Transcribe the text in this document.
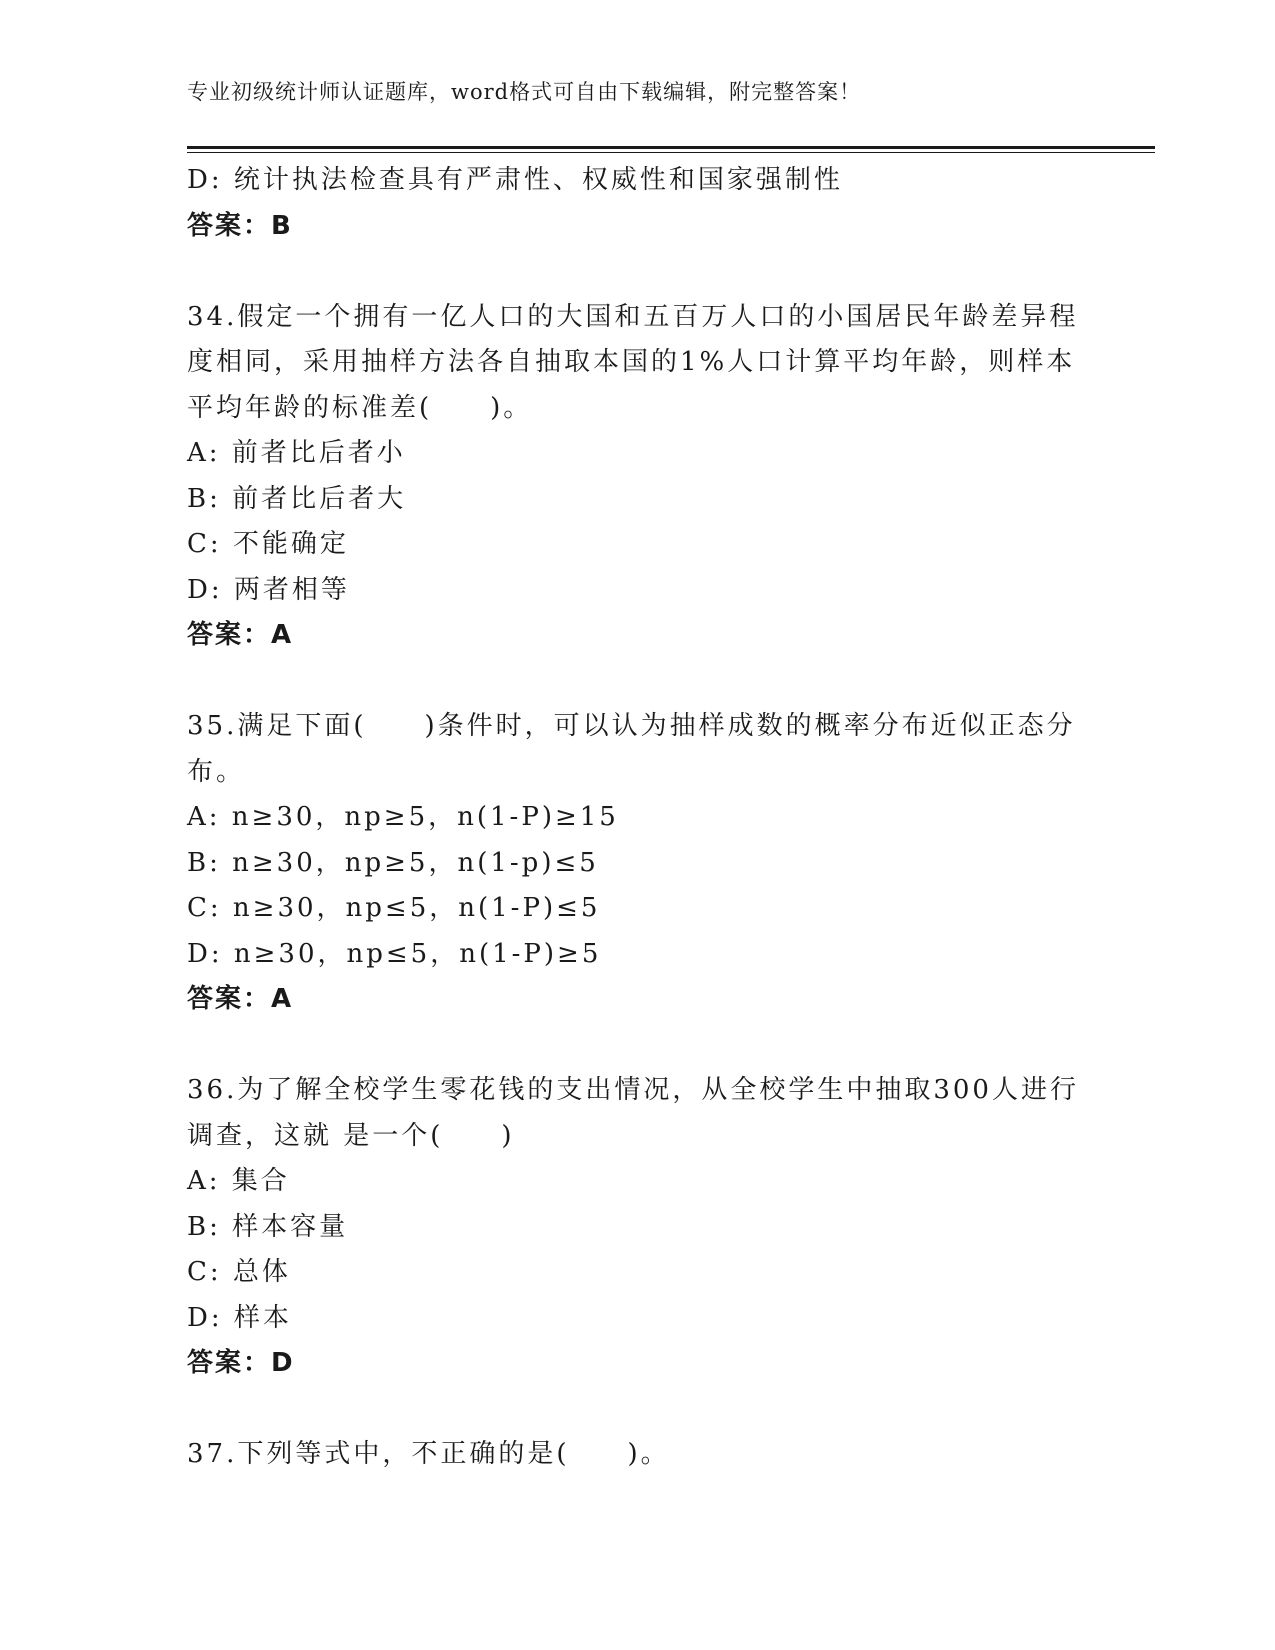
专业初级统计师认证题库，word格式可自由下载编辑，附完整答案！
D: 统计执法检查具有严肃性、权威性和国家强制性
答案：B
34.假定一个拥有一亿人口的大国和五百万人口的小国居民年龄差异程
度相同，采用抽样方法各自抽取本国的1%人口计算平均年龄，则样本
平均年龄的标准差(　　)。
A: 前者比后者小
B: 前者比后者大
C: 不能确定
D: 两者相等
答案：A
35.满足下面(　　)条件时，可以认为抽样成数的概率分布近似正态分
布。
A: n≥30，np≥5，n(1-P)≥15
B: n≥30，np≥5，n(1-p)≤5
C: n≥30，np≤5，n(1-P)≤5
D: n≥30，np≤5，n(1-P)≥5
答案：A
36.为了解全校学生零花钱的支出情况，从全校学生中抽取300人进行
调查，这就 是一个(　　)
A: 集合
B: 样本容量
C: 总体
D: 样本
答案：D
37.下列等式中，不正确的是(　　)。
